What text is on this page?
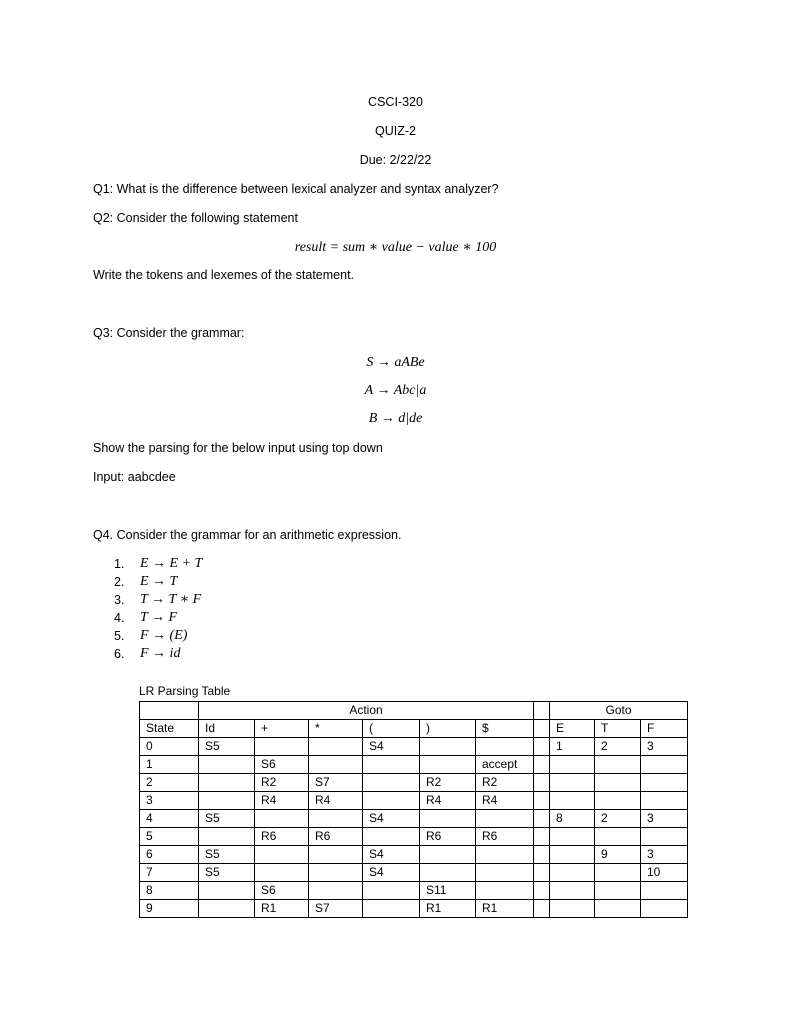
CSCI-320
QUIZ-2
Due: 2/22/22
Q1: What is the difference between lexical analyzer and syntax analyzer?
Q2: Consider the following statement
result = sum ∗ value − value ∗ 100
Write the tokens and lexemes of the statement.
Q3: Consider the grammar:
S → aABe
A → Abc|a
B → d|de
Show the parsing for the below input using top down
Input: aabcdee
Q4. Consider the grammar for an arithmetic expression.
1.	E → E + T
2.	E → T
3.	T → T ∗ F
4.	T → F
5.	F → (E)
6.	F → id
LR Parsing Table
	Action							Goto		
State	Id	+	*	(	)	$		E	T	F
0	S5			S4				1	2	3
1		S6				accept				
2		R2	S7		R2	R2				
3		R4	R4		R4	R4				
4	S5			S4				8	2	3
5		R6	R6		R6	R6				
6	S5			S4					9	3
7	S5			S4						10
8		S6			S11					
9		R1	S7		R1	R1				
